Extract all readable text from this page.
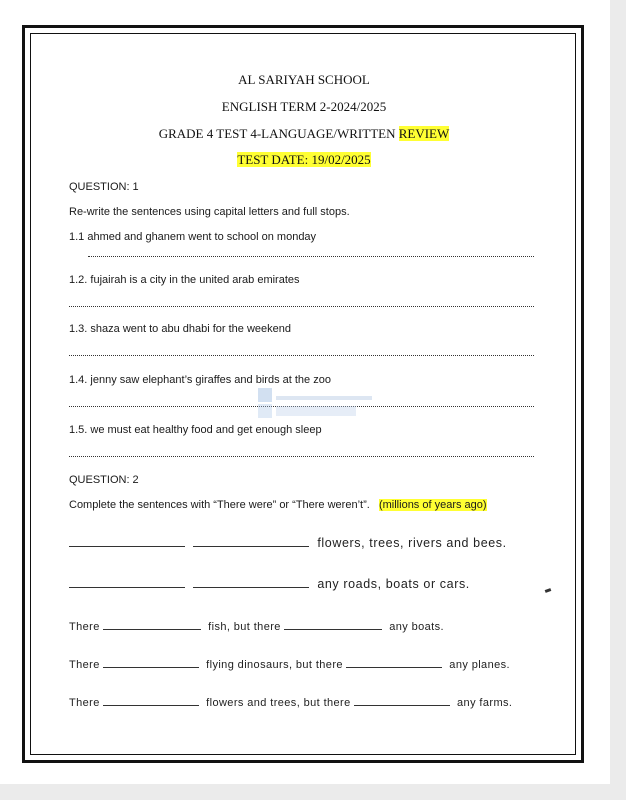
AL SARIYAH SCHOOL
ENGLISH TERM 2-2024/2025
GRADE 4 TEST 4-LANGUAGE/WRITTEN REVIEW
TEST DATE: 19/02/2025
QUESTION: 1
Re-write the sentences using capital letters and full stops.
1.1 ahmed and ghanem went to school on monday
1.2. fujairah is a city in the united arab emirates
1.3. shaza went to abu dhabi for the weekend
1.4. jenny saw elephant’s giraffes and birds at the zoo
1.5. we must eat healthy food and get enough sleep
QUESTION: 2
Complete the sentences with “There were” or “There weren’t”. (millions of years ago)
flowers, trees, rivers and bees.
any roads, boats or cars.
There	fish, but there	any boats.
There	flying dinosaurs, but there	any planes.
There	flowers and trees, but there	any farms.
